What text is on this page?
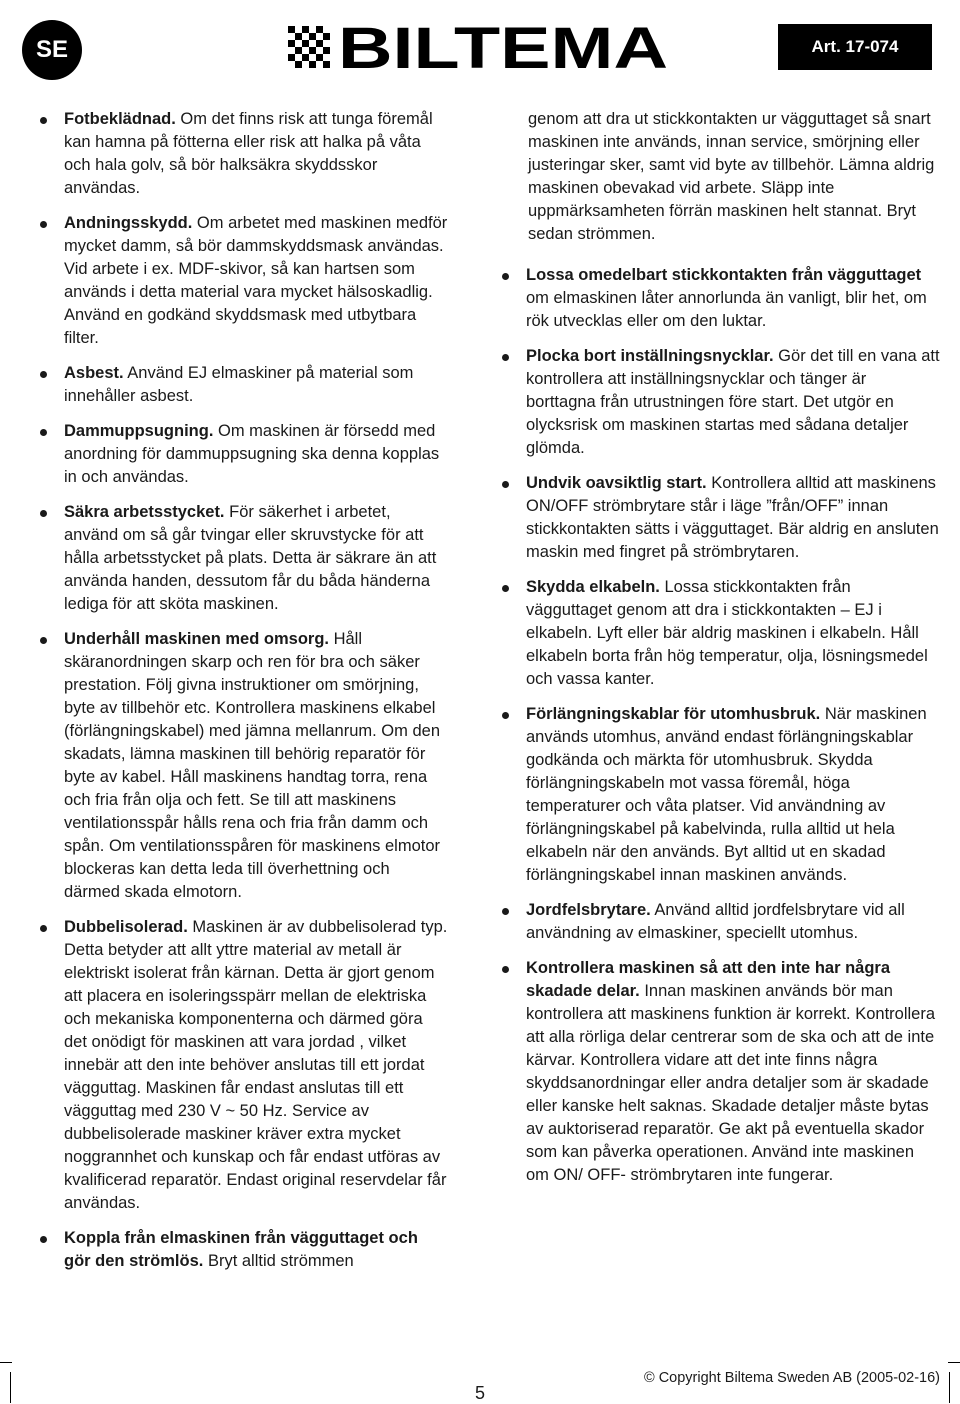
SE	BILTEMA	Art. 17-074
Fotbeklädnad. Om det finns risk att tunga föremål kan hamna på fötterna eller risk att halka på våta och hala golv, så bör halksäkra skyddsskor användas.
Andningsskydd. Om arbetet med maskinen medför mycket damm, så bör dammskyddsmask användas. Vid arbete i ex. MDF-skivor, så kan hartsen som används i detta material vara mycket hälsoskadlig. Använd en godkänd skyddsmask med utbytbara filter.
Asbest. Använd EJ elmaskiner på material som innehåller asbest.
Dammuppsugning. Om maskinen är försedd med anordning för dammuppsugning ska denna kopplas in och användas.
Säkra arbetsstycket. För säkerhet i arbetet, använd om så går tvingar eller skruvstycke för att hålla arbetsstycket på plats. Detta är säkrare än att använda handen, dessutom får du båda händerna lediga för att sköta maskinen.
Underhåll maskinen med omsorg. Håll skäranordningen skarp och ren för bra och säker prestation. Följ givna instruktioner om smörjning, byte av tillbehör etc. Kontrollera maskinens elkabel (förlängningskabel) med jämna mellanrum. Om den skadats, lämna maskinen till behörig reparatör för byte av kabel. Håll maskinens handtag torra, rena och fria från olja och fett. Se till att maskinens ventilationsspår hålls rena och fria från damm och spån. Om ventilationsspåren för maskinens elmotor blockeras kan detta leda till överhettning och därmed skada elmotorn.
Dubbelisolerad. Maskinen är av dubbelisolerad typ. Detta betyder att allt yttre material av metall är elektriskt isolerat från kärnan. Detta är gjort genom att placera en isoleringsspärr mellan de elektriska och mekaniska komponenterna och därmed göra det onödigt för maskinen att vara jordad , vilket innebär att den inte behöver anslutas till ett jordat vägguttag. Maskinen får endast anslutas till ett vägguttag med 230 V ~ 50 Hz. Service av dubbelisolerade maskiner kräver extra mycket noggrannhet och kunskap och får endast utföras av kvalificerad reparatör. Endast original reservdelar får användas.
Koppla från elmaskinen från vägguttaget och gör den strömlös. Bryt alltid strömmen

genom att dra ut stickkontakten ur vägguttaget så snart maskinen inte används, innan service, smörjning eller justeringar sker, samt vid byte av tillbehör. Lämna aldrig maskinen obevakad vid arbete. Släpp inte uppmärksamheten förrän maskinen helt stannat. Bryt sedan strömmen.

Lossa omedelbart stickkontakten från vägguttaget om elmaskinen låter annorlunda än vanligt, blir het, om rök utvecklas eller om den luktar.
Plocka bort inställningsnycklar. Gör det till en vana att kontrollera att inställningsnycklar och tänger är borttagna från utrustningen före start. Det utgör en olycksrisk om maskinen startas med sådana detaljer glömda.
Undvik oavsiktlig start. Kontrollera alltid att maskinens ON/OFF strömbrytare står i läge ”från/OFF” innan stickkontakten sätts i vägguttaget. Bär aldrig en ansluten maskin med fingret på strömbrytaren.
Skydda elkabeln. Lossa stickkontakten från vägguttaget genom att dra i stickkontakten – EJ i elkabeln. Lyft eller bär aldrig maskinen i elkabeln. Håll elkabeln borta från hög temperatur, olja, lösningsmedel och vassa kanter.
Förlängningskablar för utomhusbruk. När maskinen används utomhus, använd endast förlängningskablar godkända och märkta för utomhusbruk. Skydda förlängningskabeln mot vassa föremål, höga temperaturer och våta platser. Vid användning av förlängningskabel på kabelvinda, rulla alltid ut hela elkabeln när den används. Byt alltid ut en skadad förlängningskabel innan maskinen används.
Jordfelsbrytare. Använd alltid jordfelsbrytare vid all användning av elmaskiner, speciellt utomhus.
Kontrollera maskinen så att den inte har några skadade delar. Innan maskinen används bör man kontrollera att maskinens funktion är korrekt. Kontrollera att alla rörliga delar centrerar som de ska och att de inte kärvar. Kontrollera vidare att det inte finns några skyddsanordningar eller andra detaljer som är skadade eller kanske helt saknas. Skadade detaljer måste bytas av auktoriserad reparatör. Ge akt på eventuella skador som kan påverka operationen. Använd inte maskinen om ON/ OFF- strömbrytaren inte fungerar.
5
© Copyright Biltema Sweden AB (2005-02-16)
